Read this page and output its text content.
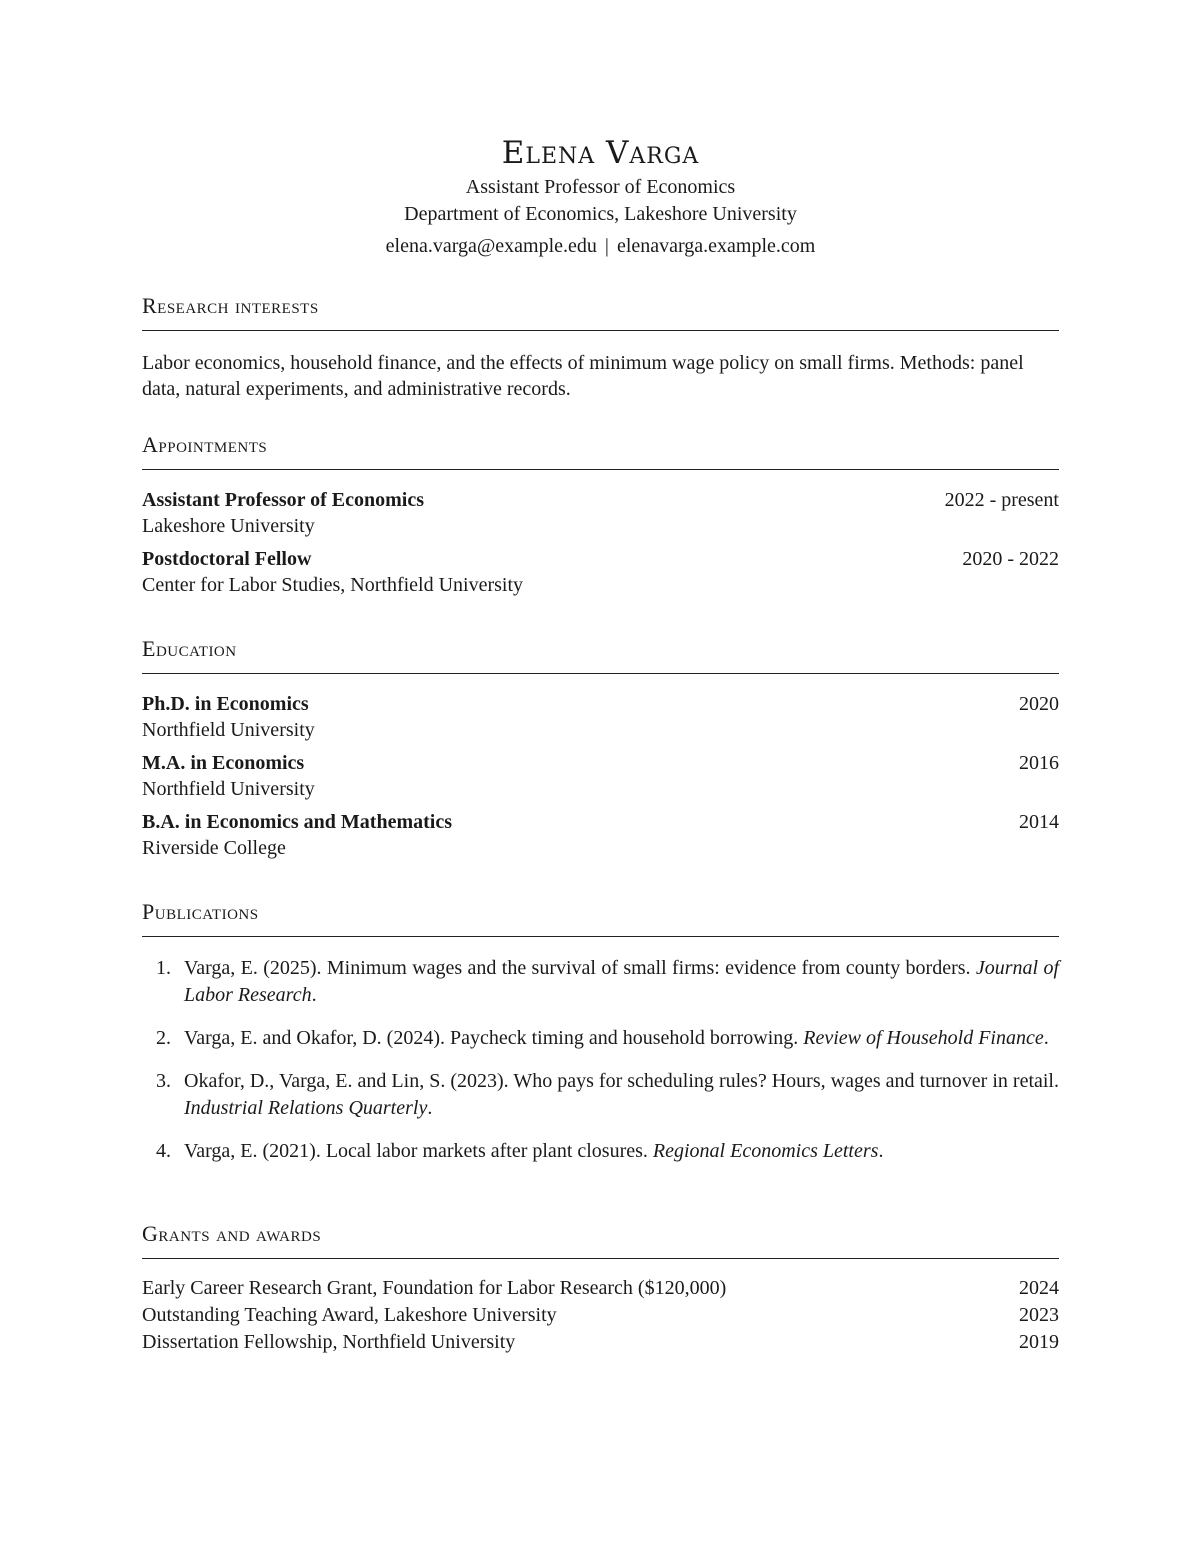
Elena Varga

Assistant Professor of Economics

Department of Economics, Lakeshore University

elena.varga@example.edu | elenavarga.example.com
Research interests
Labor economics, household finance, and the effects of minimum wage policy on small firms. Methods: panel data, natural experiments, and administrative records.
Appointments
Assistant Professor of Economics
Lakeshore University
2022 - present
Postdoctoral Fellow
Center for Labor Studies, Northfield University
2020 - 2022
Education
Ph.D. in Economics
Northfield University
2020
M.A. in Economics
Northfield University
2016
B.A. in Economics and Mathematics
Riverside College
2014
Publications
1. Varga, E. (2025). Minimum wages and the survival of small firms: evidence from county borders. Journal of Labor Research.
2. Varga, E. and Okafor, D. (2024). Paycheck timing and household borrowing. Review of Household Finance.
3. Okafor, D., Varga, E. and Lin, S. (2023). Who pays for scheduling rules? Hours, wages and turnover in retail. Industrial Relations Quarterly.
4. Varga, E. (2021). Local labor markets after plant closures. Regional Economics Letters.
Grants and awards
Early Career Research Grant, Foundation for Labor Research ($120,000)	2024
Outstanding Teaching Award, Lakeshore University	2023
Dissertation Fellowship, Northfield University	2019
